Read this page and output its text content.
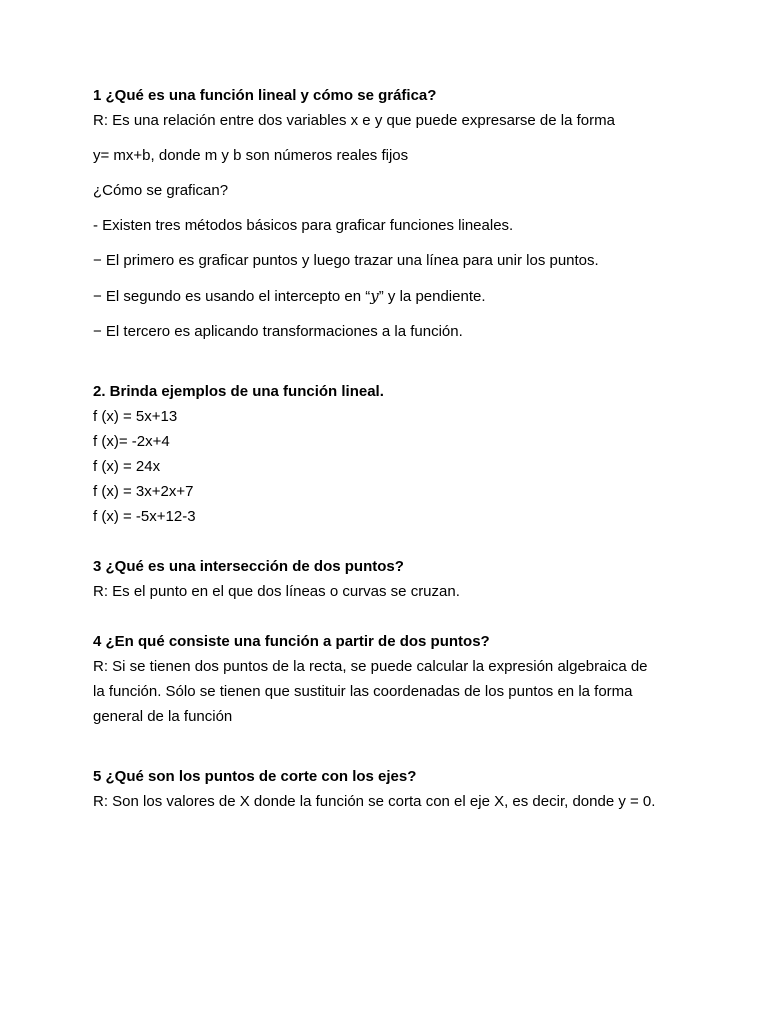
1 ¿Qué es una función lineal y cómo se gráfica?

R: Es una relación entre dos variables x e y que puede expresarse de la forma

y= mx+b, donde m y b son números reales fijos

¿Cómo se grafican?

- Existen tres métodos básicos para graficar funciones lineales.

− El primero es graficar puntos y luego trazar una línea para unir los puntos.

− El segundo es usando el intercepto en “𝑦” y la pendiente.

− El tercero es aplicando transformaciones a la función.

2. Brinda ejemplos de una función lineal.

f (x) = 5x+13

f (x)= -2x+4

f (x) = 24x

f (x) = 3x+2x+7

f (x) = -5x+12-3

3 ¿Qué es una intersección de dos puntos?

R: Es el punto en el que dos líneas o curvas se cruzan.

4 ¿En qué consiste una función a partir de dos puntos?

R: Si se tienen dos puntos de la recta, se puede calcular la expresión algebraica de

la función. Sólo se tienen que sustituir las coordenadas de los puntos en la forma

general de la función

5 ¿Qué son los puntos de corte con los ejes?

R: Son los valores de X donde la función se corta con el eje X, es decir, donde y = 0.
